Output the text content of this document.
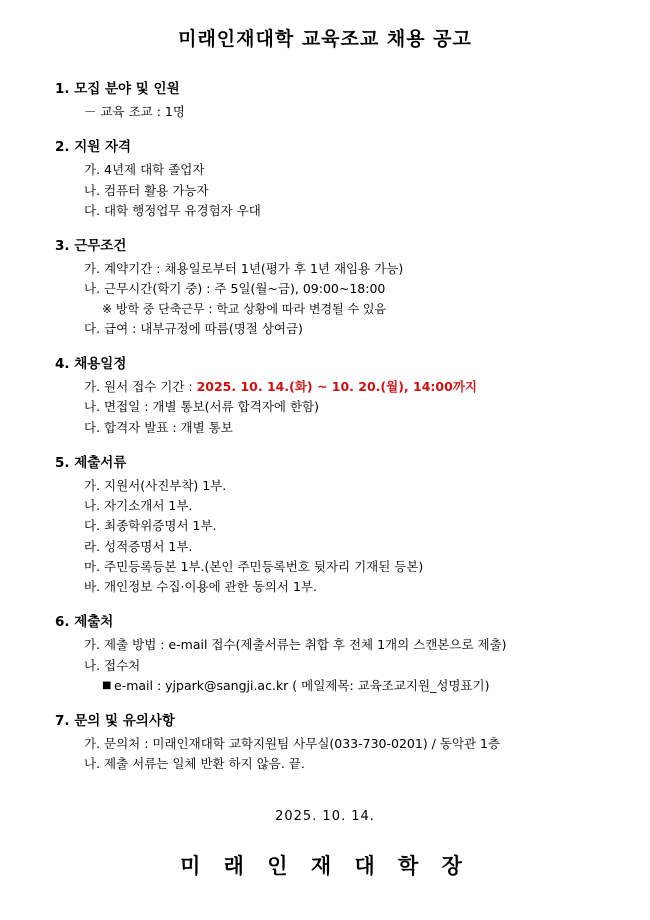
미래인재대학 교육조교 채용 공고
1. 모집 분야 및 인원
－ 교육 조교 : 1명
2. 지원 자격
가. 4년제 대학 졸업자
나. 컴퓨터 활용 가능자
다. 대학 행정업무 유경험자 우대
3. 근무조건
가. 계약기간 : 채용일로부터 1년(평가 후 1년 재임용 가능)
나. 근무시간(학기 중) : 주 5일(월~금), 09:00~18:00
※ 방학 중 단축근무 : 학교 상황에 따라 변경될 수 있음
다. 급여 : 내부규정에 따름(명절 상여금)
4. 채용일정
가. 원서 접수 기간 : 2025. 10. 14.(화) ~ 10. 20.(월), 14:00까지
나. 면접일 : 개별 통보(서류 합격자에 한함)
다. 합격자 발표 : 개별 통보
5. 제출서류
가. 지원서(사진부착) 1부.
나. 자기소개서 1부.
다. 최종학위증명서 1부.
라. 성적증명서 1부.
마. 주민등록등본 1부.(본인 주민등록번호 뒷자리 기재된 등본)
바. 개인정보 수집·이용에 관한 동의서 1부.
6. 제출처
가. 제출 방법 : e-mail 접수(제출서류는 취합 후 전체 1개의 스캔본으로 제출)
나. 접수처
■ e-mail : yjpark@sangji.ac.kr ( 메일제목: 교육조교지원_성명표기)
7. 문의 및 유의사항
가. 문의처 : 미래인재대학 교학지원팀 사무실(033-730-0201) / 동악관 1층
나. 제출 서류는 일체 반환 하지 않음. 끝.
2025. 10. 14.
미 래 인 재 대 학 장
